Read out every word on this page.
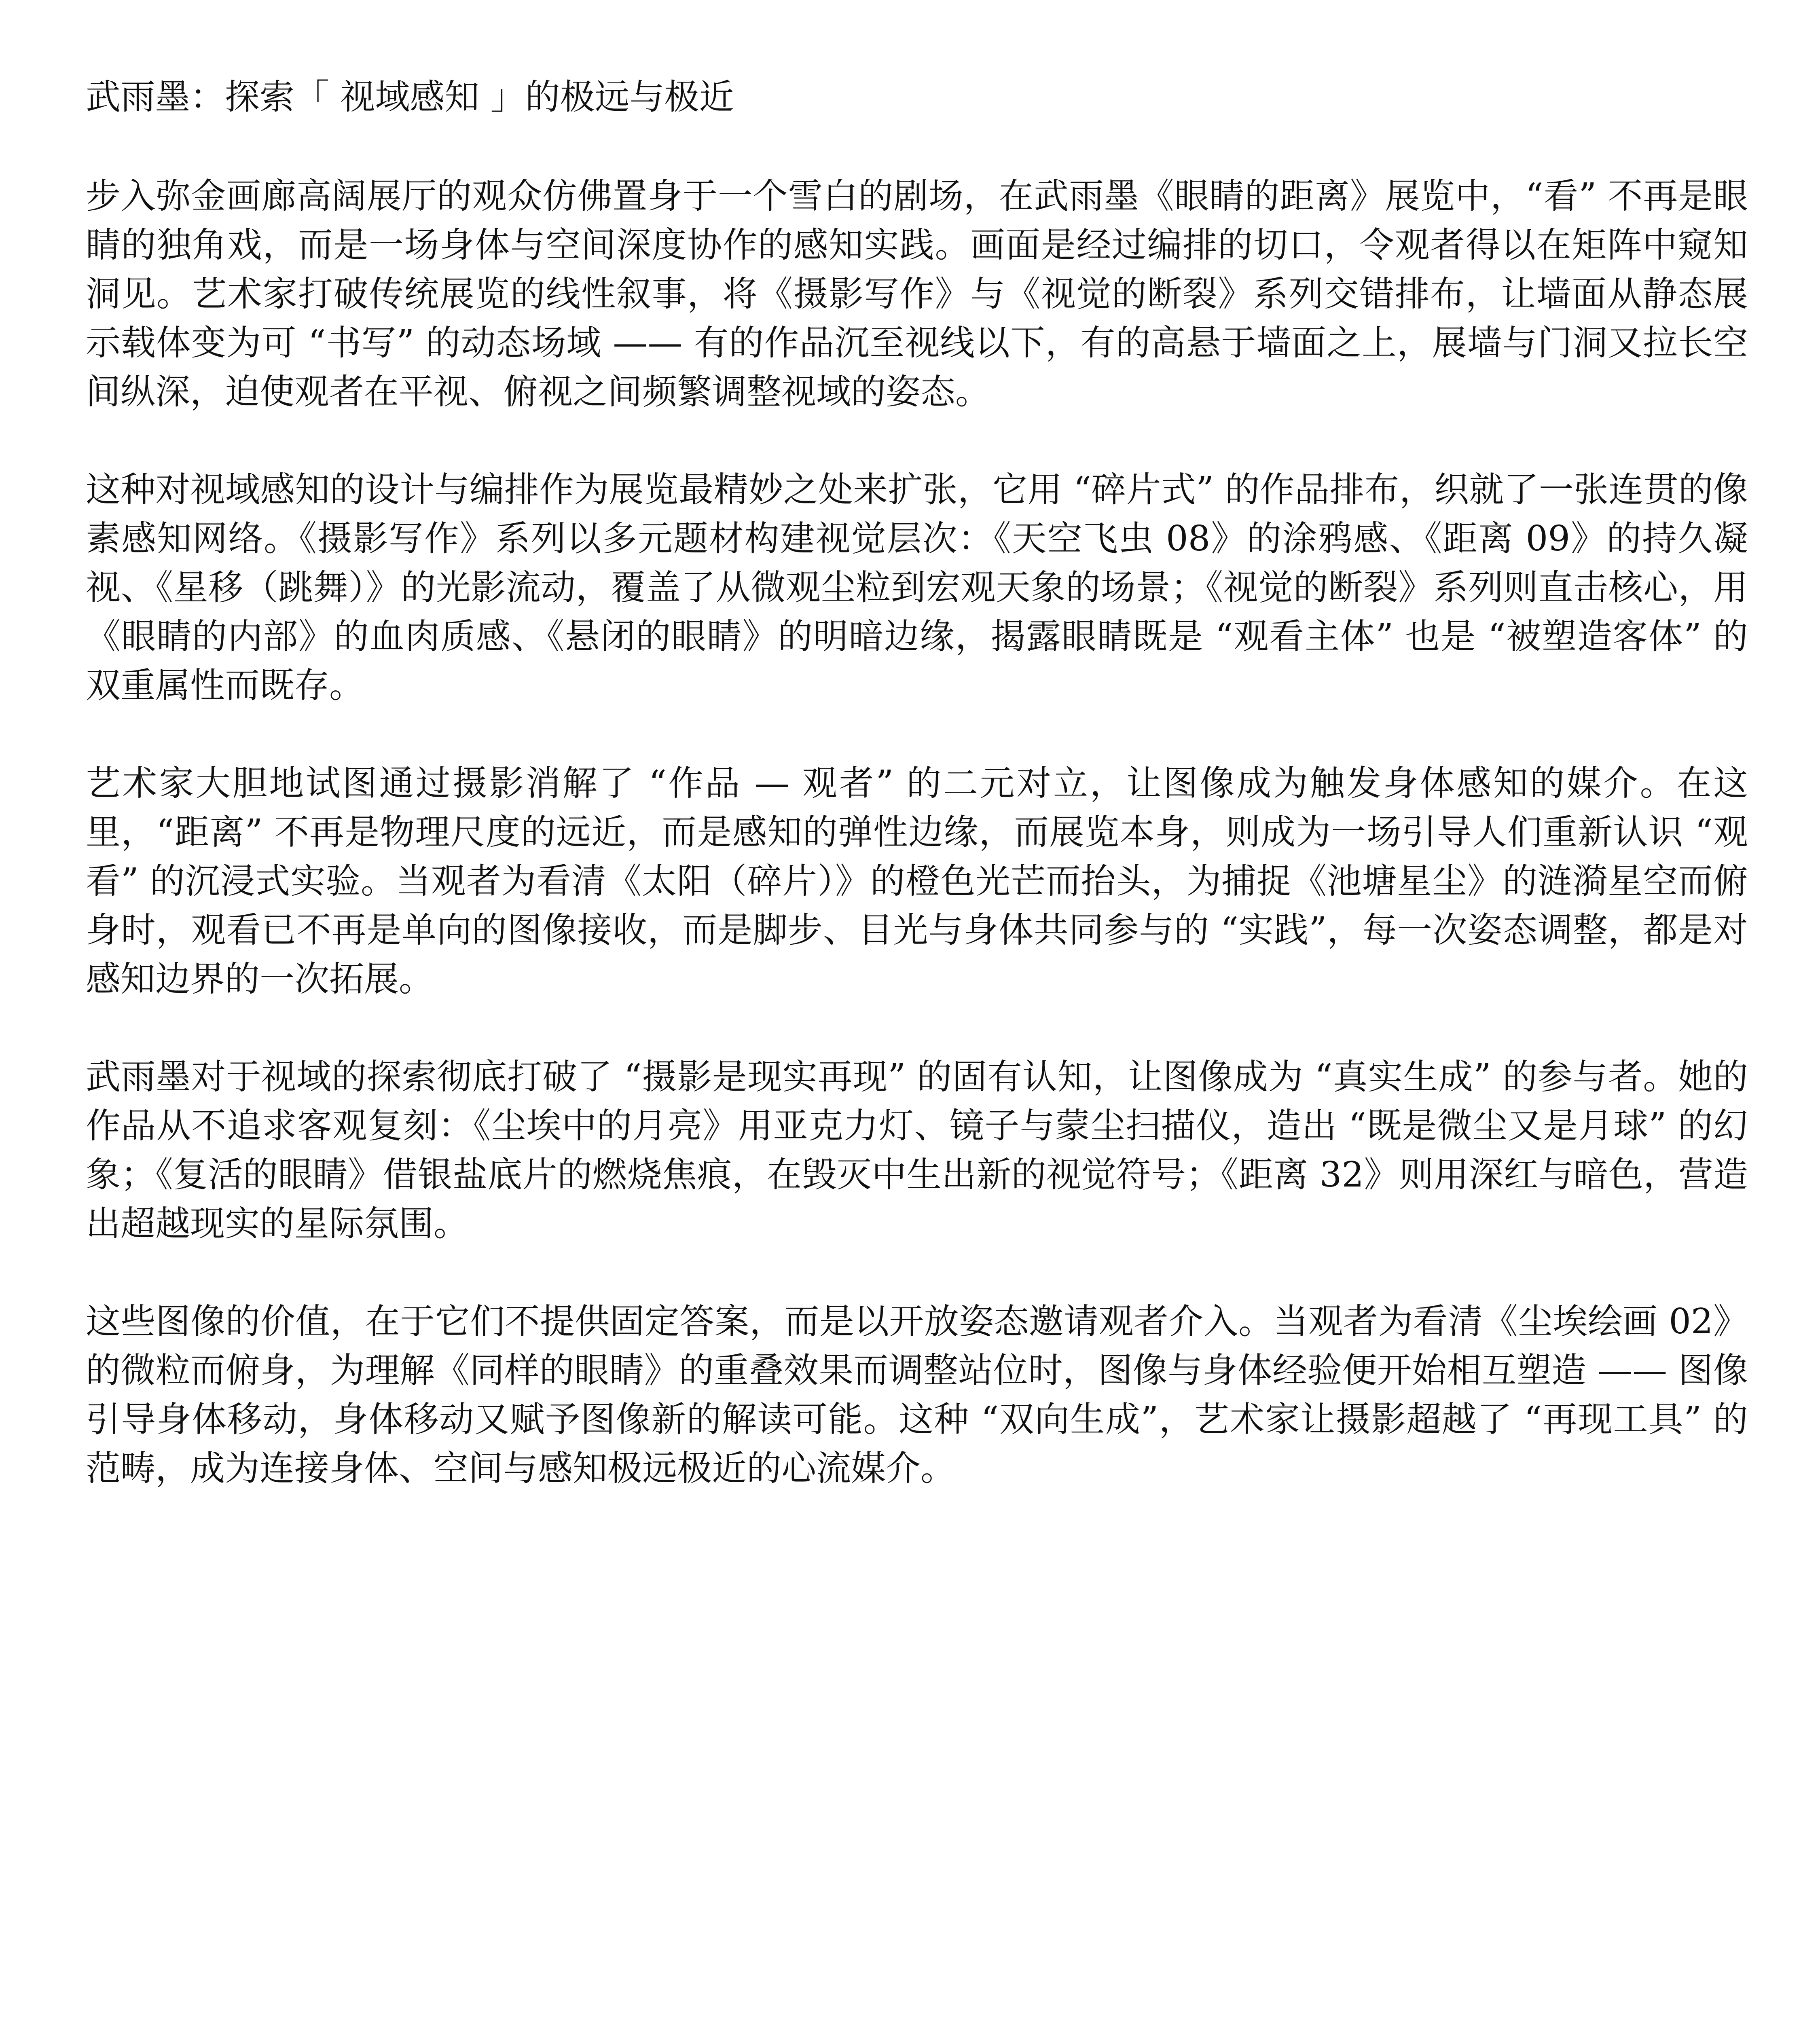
武雨墨：探索「 视域感知 」的极远与极近

步入弥金画廊高阔展厅的观众仿佛置身于一个雪白的剧场，在武雨墨《眼睛的距离》展览中，“看” 不再是眼睛的独角戏，而是一场身体与空间深度协作的感知实践。画面是经过编排的切口，令观者得以在矩阵中窥知洞见。艺术家打破传统展览的线性叙事，将《摄影写作》与《视觉的断裂》系列交错排布，让墙面从静态展示载体变为可 “书写” 的动态场域 —— 有的作品沉至视线以下，有的高悬于墙面之上，展墙与门洞又拉长空间纵深，迫使观者在平视、俯视之间频繁调整视域的姿态。

这种对视域感知的设计与编排作为展览最精妙之处来扩张，它用 “碎片式” 的作品排布，织就了一张连贯的像素感知网络。《摄影写作》系列以多元题材构建视觉层次：《天空飞虫 08》的涂鸦感、《距离 09》的持久凝视、《星移（跳舞）》的光影流动，覆盖了从微观尘粒到宏观天象的场景；《视觉的断裂》系列则直击核心，用《眼睛的内部》的血肉质感、《悬闭的眼睛》的明暗边缘，揭露眼睛既是 “观看主体” 也是 “被塑造客体” 的双重属性而既存。

艺术家大胆地试图通过摄影消解了 “作品 — 观者” 的二元对立，让图像成为触发身体感知的媒介。在这里，“距离” 不再是物理尺度的远近，而是感知的弹性边缘，而展览本身，则成为一场引导人们重新认识 “观看” 的沉浸式实验。当观者为看清《太阳（碎片）》的橙色光芒而抬头，为捕捉《池塘星尘》的涟漪星空而俯身时，观看已不再是单向的图像接收，而是脚步、目光与身体共同参与的 “实践”，每一次姿态调整，都是对感知边界的一次拓展。

武雨墨对于视域的探索彻底打破了 “摄影是现实再现” 的固有认知，让图像成为 “真实生成” 的参与者。她的作品从不追求客观复刻：《尘埃中的月亮》用亚克力灯、镜子与蒙尘扫描仪，造出 “既是微尘又是月球” 的幻象；《复活的眼睛》借银盐底片的燃烧焦痕，在毁灭中生出新的视觉符号；《距离 32》则用深红与暗色，营造出超越现实的星际氛围。

这些图像的价值，在于它们不提供固定答案，而是以开放姿态邀请观者介入。当观者为看清《尘埃绘画 02》的微粒而俯身，为理解《同样的眼睛》的重叠效果而调整站位时，图像与身体经验便开始相互塑造 —— 图像引导身体移动，身体移动又赋予图像新的解读可能。这种 “双向生成”，艺术家让摄影超越了 “再现工具” 的范畴，成为连接身体、空间与感知极远极近的心流媒介。
